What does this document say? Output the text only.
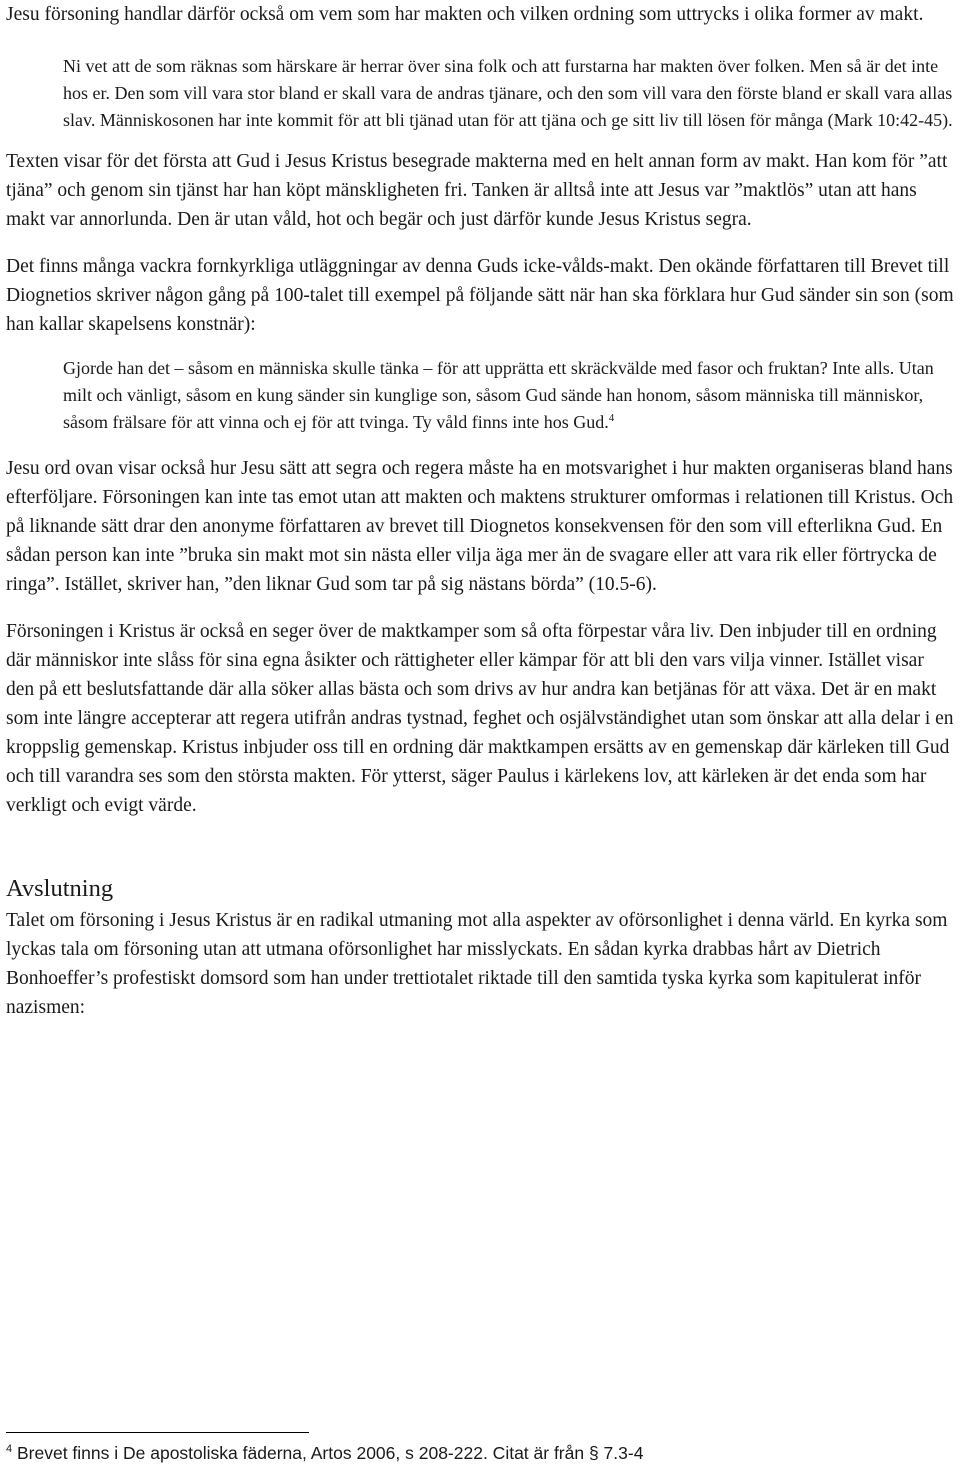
Jesu försoning handlar därför också om vem som har makten och vilken ordning som uttrycks i olika former av makt.

Ni vet att de som räknas som härskare är herrar över sina folk och att furstarna har makten över folken. Men så är det inte hos er. Den som vill vara stor bland er skall vara de andras tjänare, och den som vill vara den förste bland er skall vara allas slav. Människosonen har inte kommit för att bli tjänad utan för att tjäna och ge sitt liv till lösen för många (Mark 10:42-45).

Texten visar för det första att Gud i Jesus Kristus besegrade makterna med en helt annan form av makt. Han kom för ”att tjäna” och genom sin tjänst har han köpt mänskligheten fri. Tanken är alltså inte att Jesus var ”maktlös” utan att hans makt var annorlunda. Den är utan våld, hot och begär och just därför kunde Jesus Kristus segra.

Det finns många vackra fornkyrkliga utläggningar av denna Guds icke-vålds-makt. Den okände författaren till Brevet till Diognetios skriver någon gång på 100-talet till exempel på följande sätt när han ska förklara hur Gud sänder sin son (som han kallar skapelsens konstnär):

Gjorde han det – såsom en människa skulle tänka – för att upprätta ett skräckvälde med fasor och fruktan? Inte alls. Utan milt och vänligt, såsom en kung sänder sin kunglige son, såsom Gud sände han honom, såsom människa till människor, såsom frälsare för att vinna och ej för att tvinga. Ty våld finns inte hos Gud.$^4$

Jesu ord ovan visar också hur Jesu sätt att segra och regera måste ha en motsvarighet i hur makten organiseras bland hans efterföljare. Försoningen kan inte tas emot utan att makten och maktens strukturer omformas i relationen till Kristus. Och på liknande sätt drar den anonyme författaren av brevet till Diognetos konsekvensen för den som vill efterlikna Gud. En sådan person kan inte ”bruka sin makt mot sin nästa eller vilja äga mer än de svagare eller att vara rik eller förtrycka de ringa”. Istället, skriver han, ”den liknar Gud som tar på sig nästans börda” (10.5-6).

Försoningen i Kristus är också en seger över de maktkamper som så ofta förpestar våra liv. Den inbjuder till en ordning där människor inte slåss för sina egna åsikter och rättigheter eller kämpar för att bli den vars vilja vinner. Istället visar den på ett beslutsfattande där alla söker allas bästa och som drivs av hur andra kan betjänas för att växa. Det är en makt som inte längre accepterar att regera utifrån andras tystnad, feghet och osjälvständighet utan som önskar att alla delar i en kroppslig gemenskap. Kristus inbjuder oss till en ordning där maktkampen ersätts av en gemenskap där kärleken till Gud och till varandra ses som den största makten. För ytterst, säger Paulus i kärlekens lov, att kärleken är det enda som har verkligt och evigt värde.

Avslutning

Talet om försoning i Jesus Kristus är en radikal utmaning mot alla aspekter av oförsonlighet i denna värld. En kyrka som lyckas tala om försoning utan att utmana oförsonlighet har misslyckats. En sådan kyrka drabbas hårt av Dietrich Bonhoeffer’s profestiskt domsord som han under trettiotalet riktade till den samtida tyska kyrka som kapitulerat inför nazismen:

$^4$ Brevet finns i De apostoliska fäderna, Artos 2006, s 208-222. Citat är från § 7.3-4
